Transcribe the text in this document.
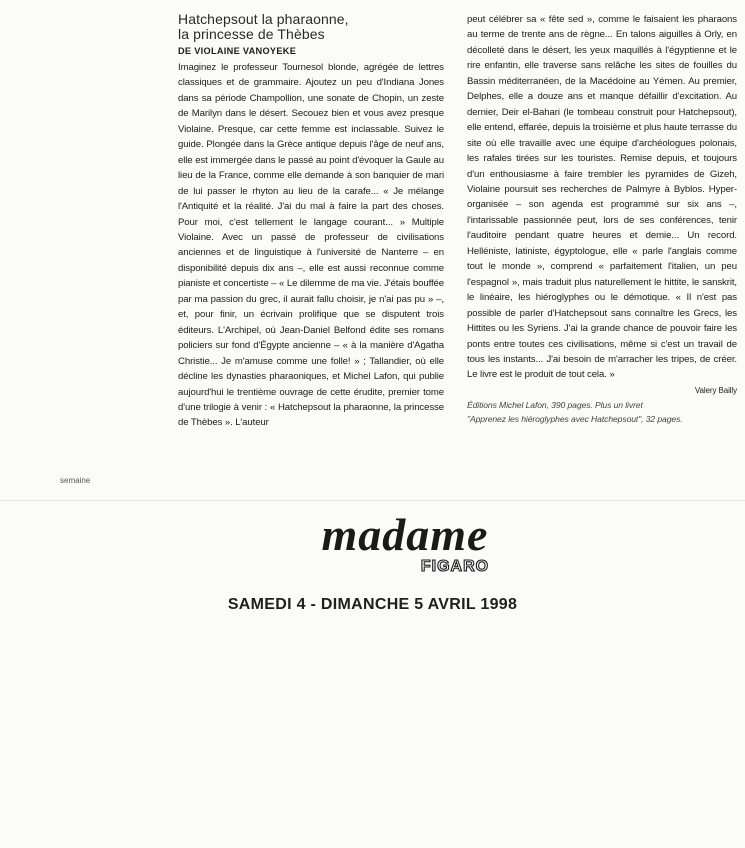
Hatchepsout la pharaonne,
la princesse de Thèbes

DE VIOLAINE VANOYEKE

Imaginez le professeur Tournesol blonde, agrégée de lettres classiques et de grammaire. Ajoutez un peu d'Indiana Jones dans sa période Champollion, une sonate de Chopin, un zeste de Marilyn dans le désert. Secouez bien et vous avez presque Violaine. Presque, car cette femme est inclassable. Suivez le guide. Plongée dans la Grèce antique depuis l'âge de neuf ans, elle est immergée dans le passé au point d'évoquer la Gaule au lieu de la France, comme elle demande à son banquier de mari de lui passer le rhyton au lieu de la carafe... « Je mélange l'Antiquité et la réalité. J'ai du mal à faire la part des choses. Pour moi, c'est tellement le langage courant... » Multiple Violaine. Avec un passé de professeur de civilisations anciennes et de linguistique à l'université de Nanterre – en disponibilité depuis dix ans –, elle est aussi reconnue comme pianiste et concertiste – « Le dilemme de ma vie. J'étais bouffée par ma passion du grec, il aurait fallu choisir, je n'ai pas pu » –, et, pour finir, un écrivain prolifique que se disputent trois éditeurs. L'Archipel, où Jean-Daniel Belfond édite ses romans policiers sur fond d'Égypte ancienne – « à la manière d'Agatha Christie... Je m'amuse comme une folle! » ; Tallandier, où elle décline les dynasties pharaoniques, et Michel Lafon, qui publie aujourd'hui le trentième ouvrage de cette érudite, premier tome d'une trilogie à venir : « Hatchepsout la pharaonne, la princesse de Thèbes ». L'auteur

peut célébrer sa « fête sed », comme le faisaient les pharaons au terme de trente ans de règne... En talons aiguilles à Orly, en décolleté dans le désert, les yeux maquillés à l'égyptienne et le rire enfantin, elle traverse sans relâche les sites de fouilles du Bassin méditerranéen, de la Macédoine au Yémen. Au premier, Delphes, elle a douze ans et manque défaillir d'excitation. Au dernier, Deir el-Bahari (le tombeau construit pour Hatchepsout), elle entend, effarée, depuis la troisième et plus haute terrasse du site où elle travaille avec une équipe d'archéologues polonais, les rafales tirées sur les touristes. Remise depuis, et toujours d'un enthousiasme à faire trembler les pyramides de Gizeh, Violaine poursuit ses recherches de Palmyre à Byblos. Hyper-organisée – son agenda est programmé sur six ans –, l'intarissable passionnée peut, lors de ses conférences, tenir l'auditoire pendant quatre heures et demie... Un record. Helléniste, latiniste, égyptologue, elle « parle l'anglais comme tout le monde », comprend « parfaitement l'italien, un peu l'espagnol », mais traduit plus naturellement le hittite, le sanskrit, le linéaire, les hiéroglyphes ou le démotique. « Il n'est pas possible de parler d'Hatchepsout sans connaître les Grecs, les Hittites ou les Syriens. J'ai la grande chance de pouvoir faire les ponts entre toutes ces civilisations, même si c'est un travail de tous les instants... J'ai besoin de m'arracher les tripes, de créer. Le livre est le produit de tout cela. »

Valery Bailly

Éditions Michel Lafon, 390 pages. Plus un livret

"Apprenez les hiéroglyphes avec Hatchepsout", 32 pages.

semaine
madame
FIGARO
SAMEDI 4 - DIMANCHE 5 AVRIL 1998
